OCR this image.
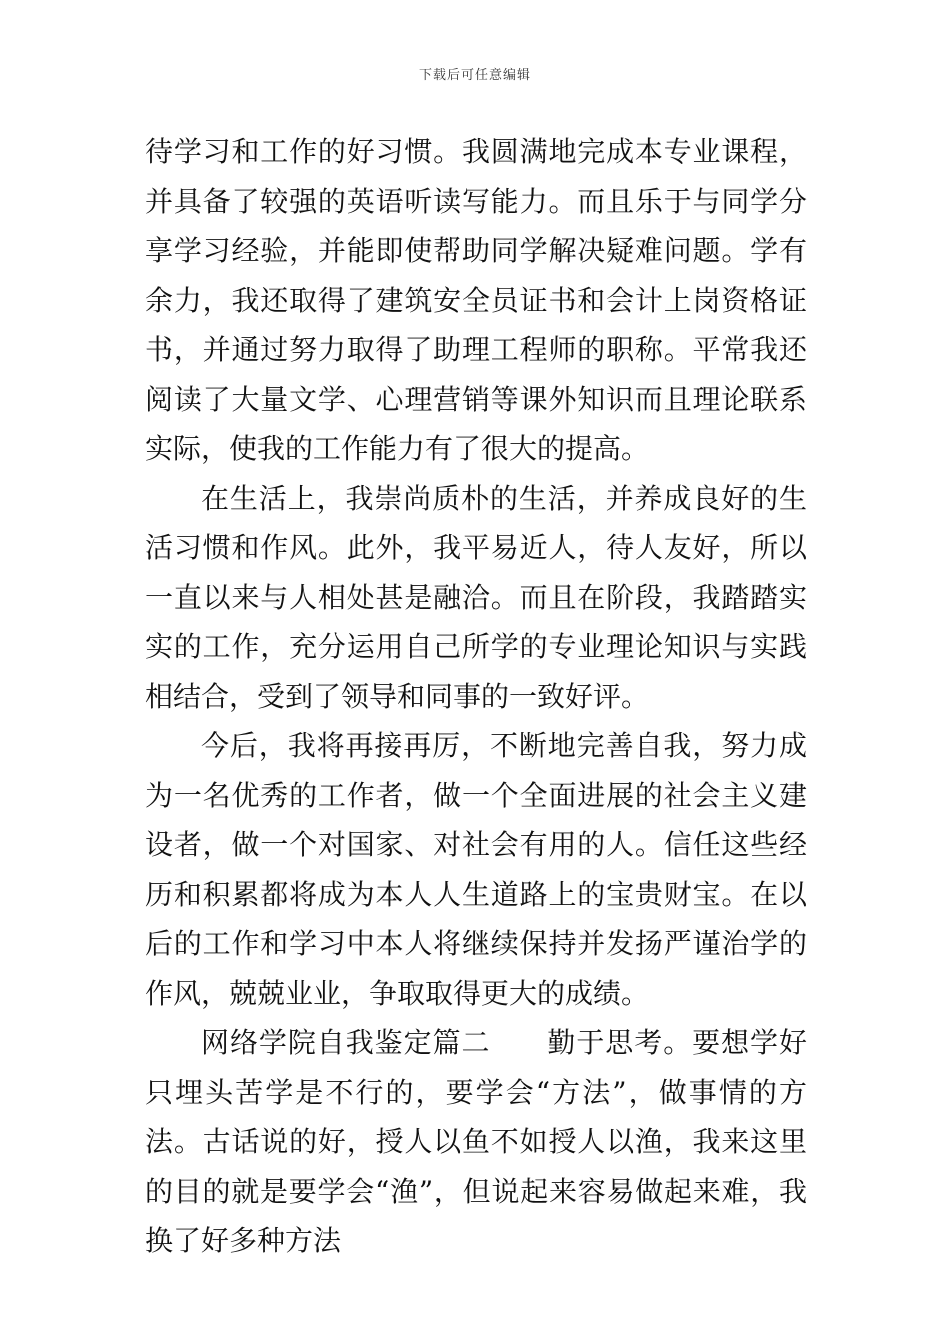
下载后可任意编辑

待学习和工作的好习惯。我圆满地完成本专业课程，并具备了较强的英语听读写能力。而且乐于与同学分享学习经验，并能即使帮助同学解决疑难问题。学有余力，我还取得了建筑安全员证书和会计上岗资格证书，并通过努力取得了助理工程师的职称。平常我还阅读了大量文学、心理营销等课外知识而且理论联系实际，使我的工作能力有了很大的提高。

在生活上，我崇尚质朴的生活，并养成良好的生活习惯和作风。此外，我平易近人，待人友好，所以一直以来与人相处甚是融洽。而且在阶段，我踏踏实实的工作，充分运用自己所学的专业理论知识与实践相结合，受到了领导和同事的一致好评。

今后，我将再接再厉，不断地完善自我，努力成为一名优秀的工作者，做一个全面进展的社会主义建设者，做一个对国家、对社会有用的人。信任这些经历和积累都将成为本人人生道路上的宝贵财宝。在以后的工作和学习中本人将继续保持并发扬严谨治学的作风，兢兢业业，争取取得更大的成绩。

网络学院自我鉴定篇二 勤于思考。要想学好只埋头苦学是不行的，要学会“方法”，做事情的方法。古话说的好，授人以鱼不如授人以渔，我来这里的目的就是要学会“渔”，但说起来容易做起来难，我换了好多种方法
